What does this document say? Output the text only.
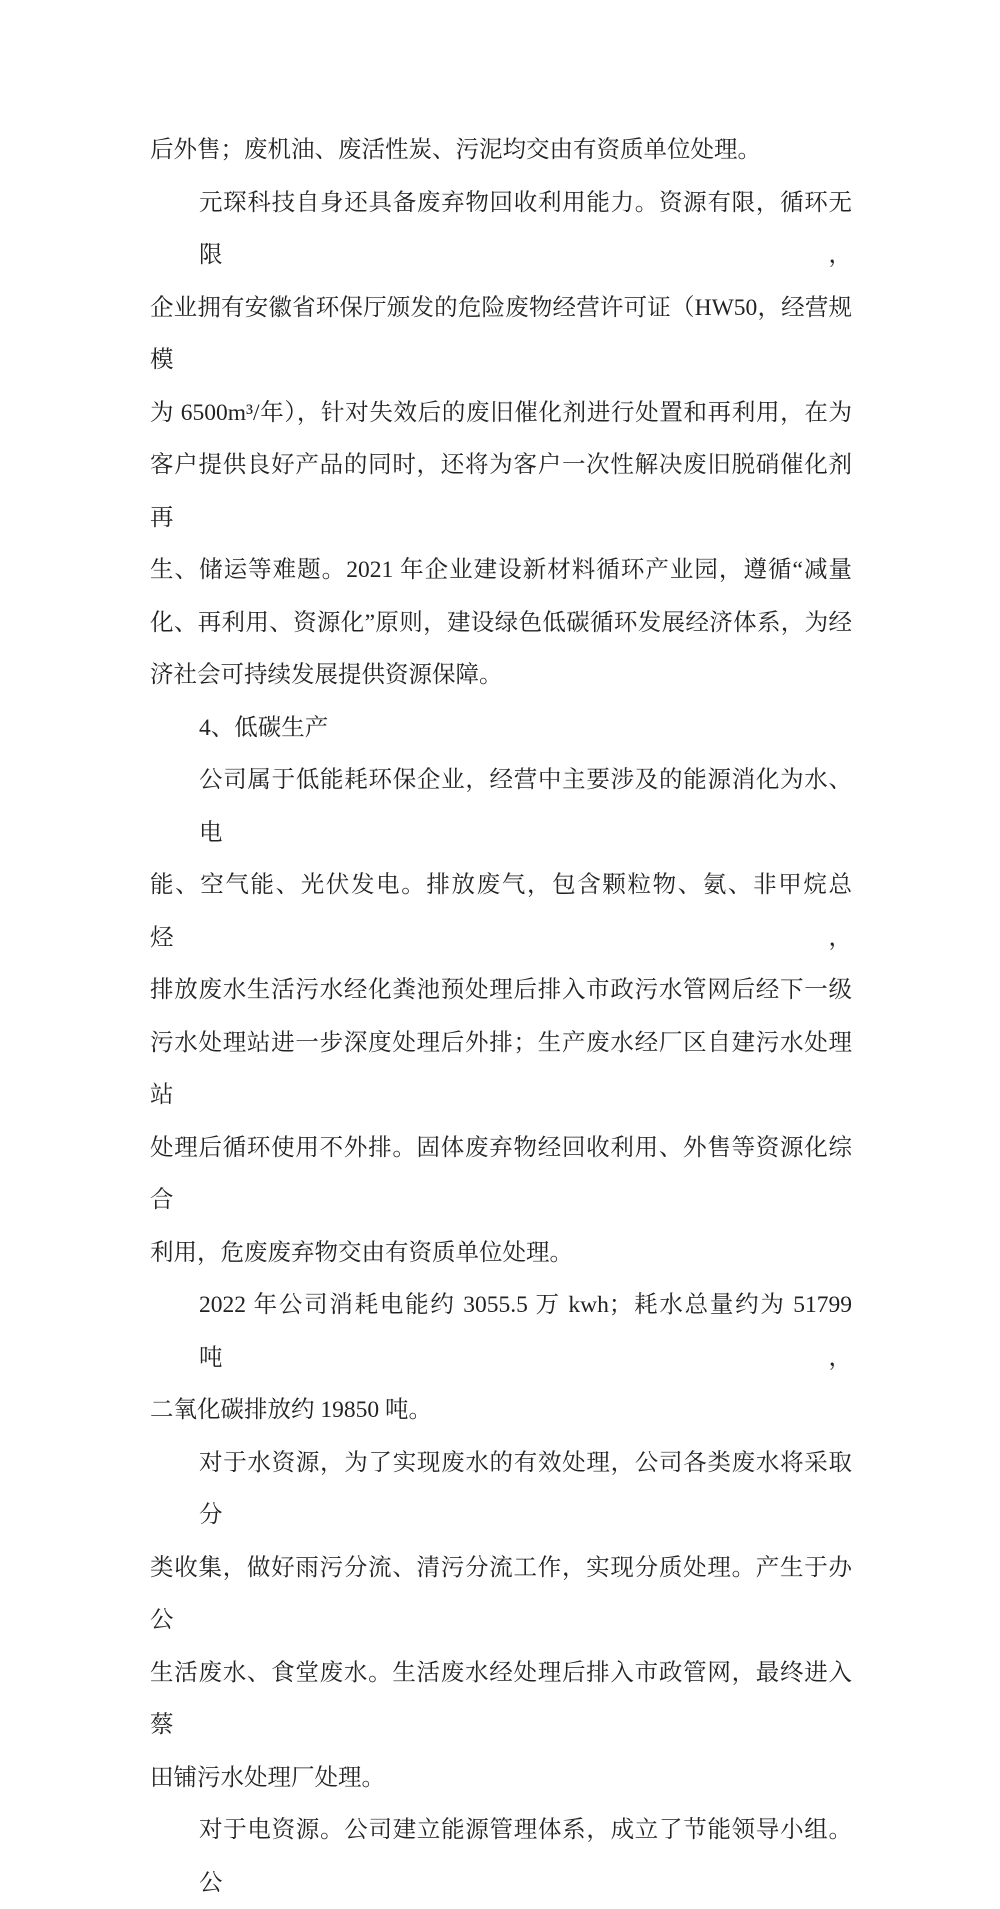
后外售；废机油、废活性炭、污泥均交由有资质单位处理。
元琛科技自身还具备废弃物回收利用能力。资源有限，循环无限，
企业拥有安徽省环保厅颁发的危险废物经营许可证（HW50，经营规模
为 6500m³/年），针对失效后的废旧催化剂进行处置和再利用，在为
客户提供良好产品的同时，还将为客户一次性解决废旧脱硝催化剂再
生、储运等难题。2021 年企业建设新材料循环产业园，遵循“减量
化、再利用、资源化”原则，建设绿色低碳循环发展经济体系，为经
济社会可持续发展提供资源保障。
4、低碳生产
公司属于低能耗环保企业，经营中主要涉及的能源消化为水、电
能、空气能、光伏发电。排放废气，包含颗粒物、氨、非甲烷总烃，
排放废水生活污水经化粪池预处理后排入市政污水管网后经下一级
污水处理站进一步深度处理后外排；生产废水经厂区自建污水处理站
处理后循环使用不外排。固体废弃物经回收利用、外售等资源化综合
利用，危废废弃物交由有资质单位处理。
2022 年公司消耗电能约 3055.5 万 kwh；耗水总量约为 51799 吨，
二氧化碳排放约 19850 吨。
对于水资源，为了实现废水的有效处理，公司各类废水将采取分
类收集，做好雨污分流、清污分流工作，实现分质处理。产生于办公
生活废水、食堂废水。生活废水经处理后排入市政管网，最终进入蔡
田铺污水处理厂处理。
对于电资源。公司建立能源管理体系，成立了节能领导小组。公
